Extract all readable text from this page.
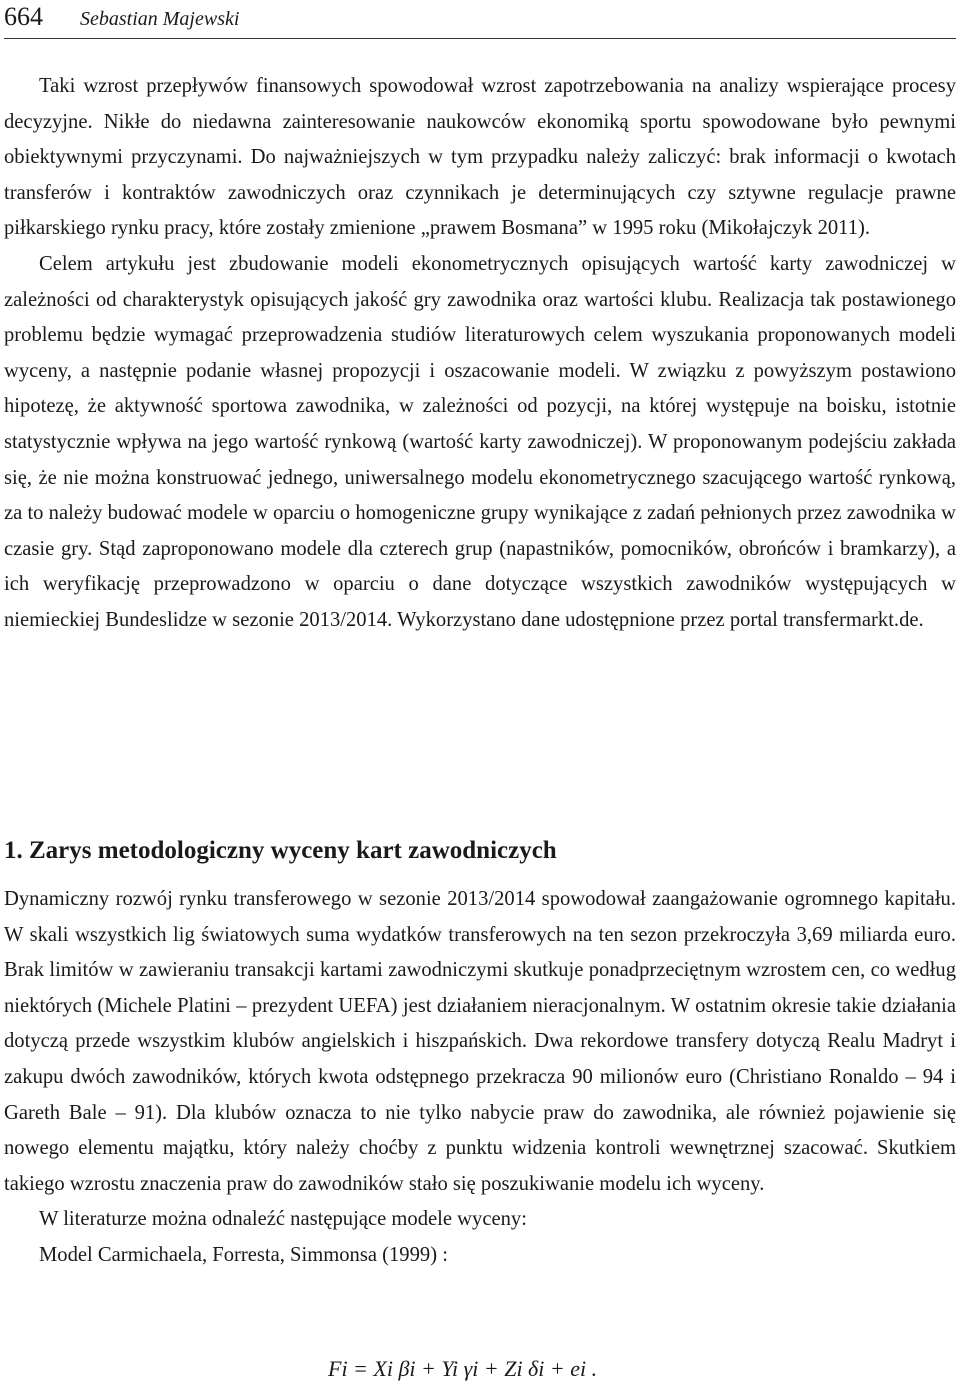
664 Sebastian Majewski

Taki wzrost przepływów finansowych spowodował wzrost zapotrzebowania na analizy wspierające procesy decyzyjne. Nikłe do niedawna zainteresowanie naukowców ekonomiką sportu spowodowane było pewnymi obiektywnymi przyczynami. Do najważniejszych w tym przypadku należy zaliczyć: brak informacji o kwotach transferów i kontraktów zawodniczych oraz czynnikach je determinujących czy sztywne regulacje prawne piłkarskiego rynku pracy, które zostały zmienione „prawem Bosmana” w 1995 roku (Mikołajczyk 2011).

Celem artykułu jest zbudowanie modeli ekonometrycznych opisujących wartość karty zawodniczej w zależności od charakterystyk opisujących jakość gry zawodnika oraz wartości klubu. Realizacja tak postawionego problemu będzie wymagać przeprowadzenia studiów literaturowych celem wyszukania proponowanych modeli wyceny, a następnie podanie własnej propozycji i oszacowanie modeli. W związku z powyższym postawiono hipotezę, że aktywność sportowa zawodnika, w zależności od pozycji, na której występuje na boisku, istotnie statystycznie wpływa na jego wartość rynkową (wartość karty zawodniczej). W proponowanym podejściu zakłada się, że nie można konstruować jednego, uniwersalnego modelu ekonometrycznego szacującego wartość rynkową, za to należy budować modele w oparciu o homogeniczne grupy wynikające z zadań pełnionych przez zawodnika w czasie gry. Stąd zaproponowano modele dla czterech grup (napastników, pomocników, obrońców i bramkarzy), a ich weryfikację przeprowadzono w oparciu o dane dotyczące wszystkich zawodników występujących w niemieckiej Bundeslidze w sezonie 2013/2014. Wykorzystano dane udostępnione przez portal transfermarkt.de.

1. Zarys metodologiczny wyceny kart zawodniczych

Dynamiczny rozwój rynku transferowego w sezonie 2013/2014 spowodował zaangażowanie ogromnego kapitału. W skali wszystkich lig światowych suma wydatków transferowych na ten sezon przekroczyła 3,69 miliarda euro. Brak limitów w zawieraniu transakcji kartami zawodniczymi skutkuje ponadprzeciętnym wzrostem cen, co według niektórych (Michele Platini – prezydent UEFA) jest działaniem nieracjonalnym. W ostatnim okresie takie działania dotyczą przede wszystkim klubów angielskich i hiszpańskich. Dwa rekordowe transfery dotyczą Realu Madryt i zakupu dwóch zawodników, których kwota odstępnego przekracza 90 milionów euro (Christiano Ronaldo – 94 i Gareth Bale – 91). Dla klubów oznacza to nie tylko nabycie praw do zawodnika, ale również pojawienie się nowego elementu majątku, który należy choćby z punktu widzenia kontroli wewnętrznej szacować. Skutkiem takiego wzrostu znaczenia praw do zawodników stało się poszukiwanie modelu ich wyceny.

W literaturze można odnaleźć następujące modele wyceny:

Model Carmichaela, Forresta, Simmonsa (1999) :

Fi = Xi βi + Yi γi + Zi δi + ei .
